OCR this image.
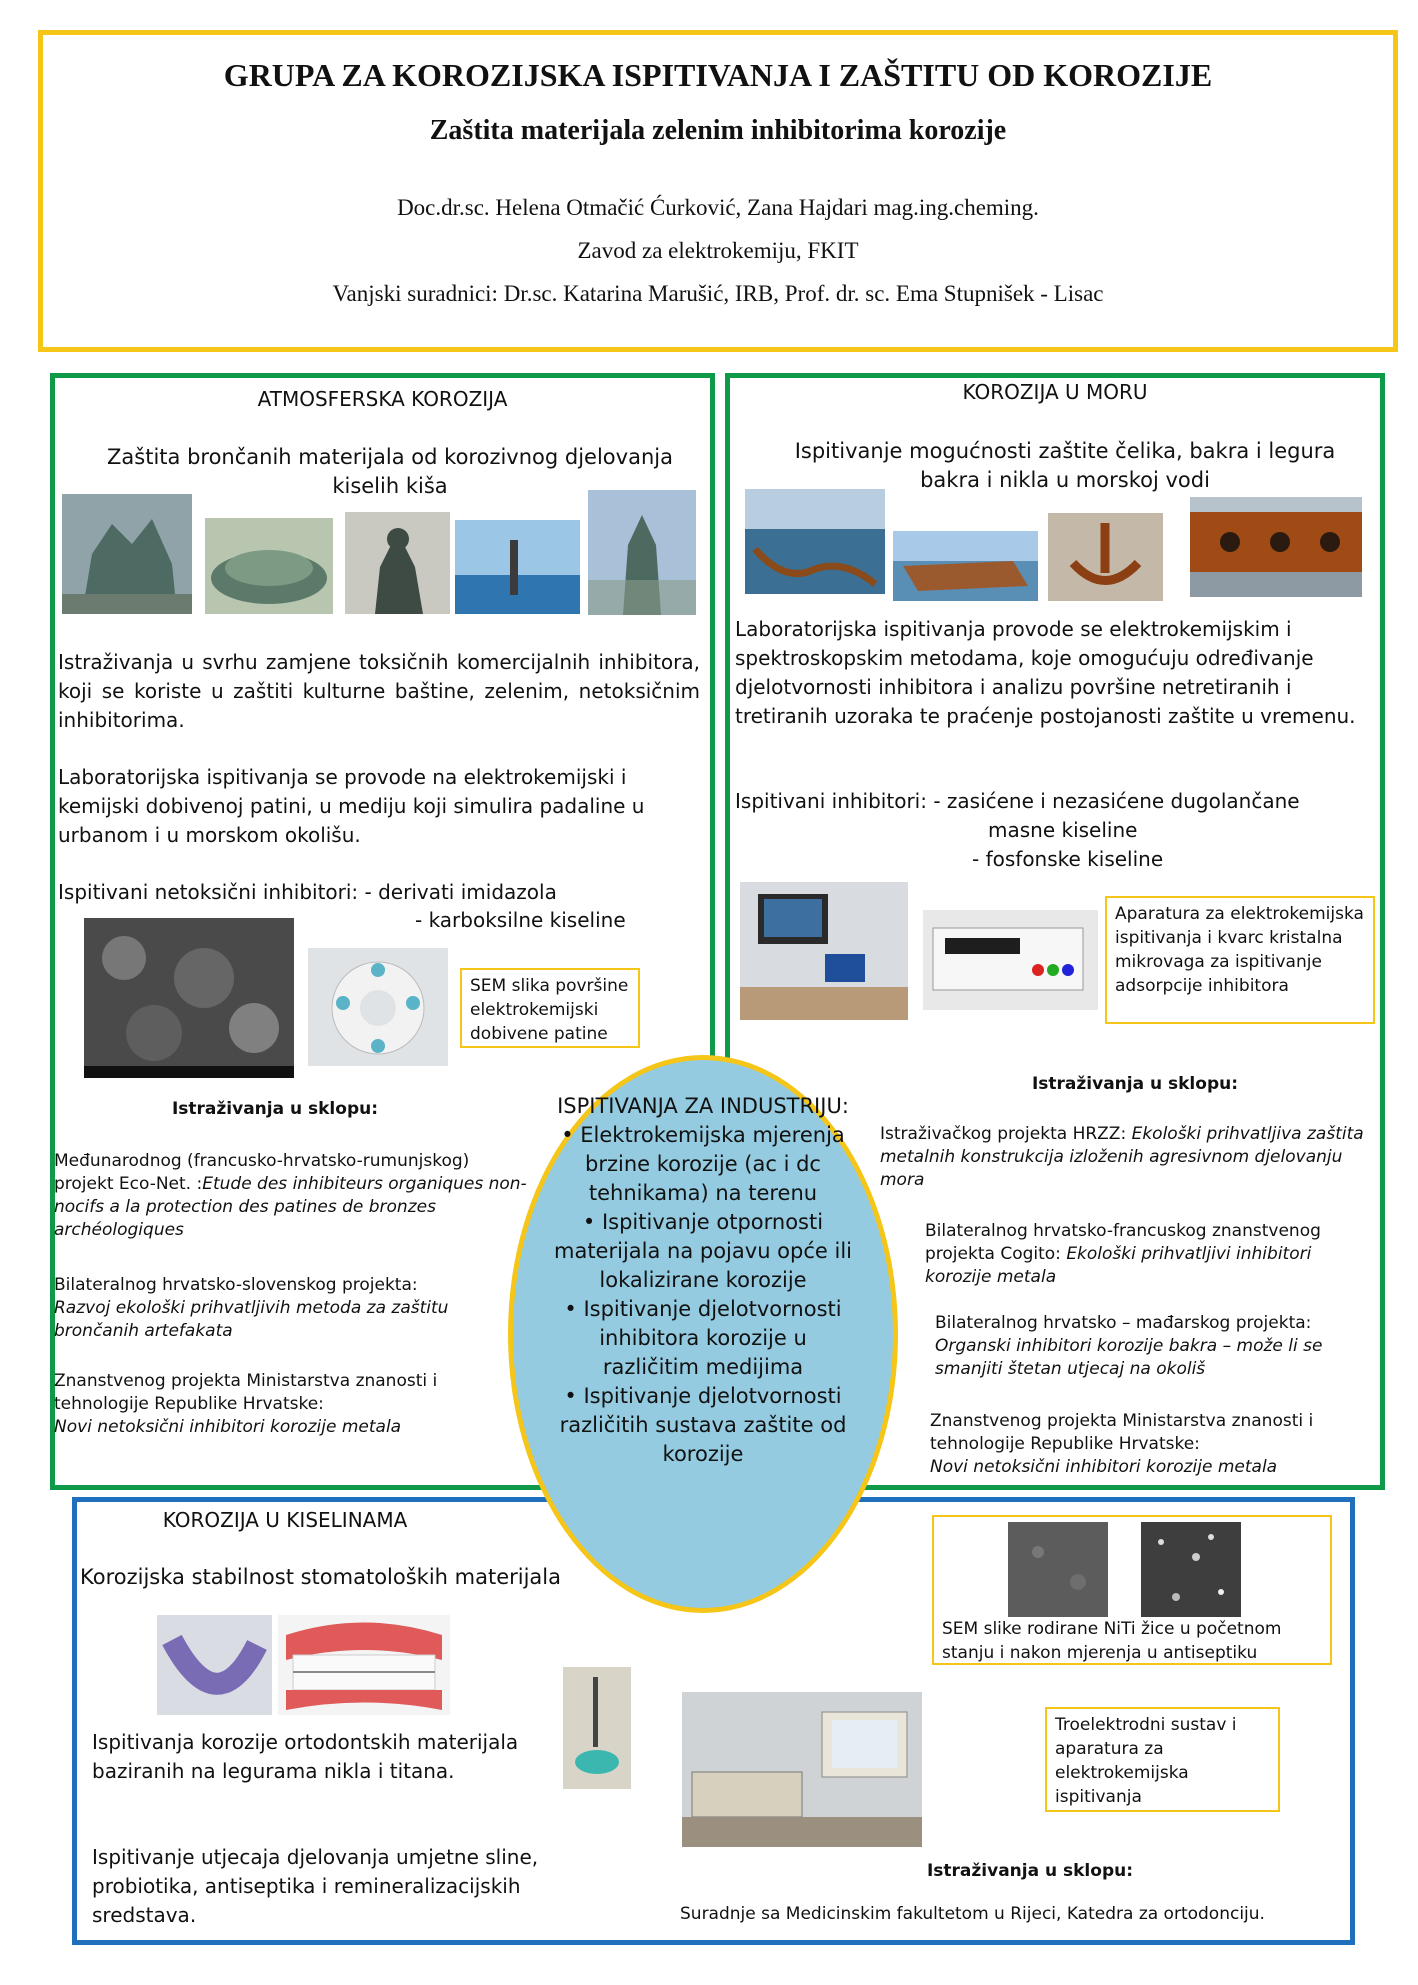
GRUPA ZA KOROZIJSKA ISPITIVANJA I ZAŠTITU OD KOROZIJE
Zaštita materijala zelenim inhibitorima korozije
Doc.dr.sc. Helena Otmačić Ćurković, Zana Hajdari mag.ing.cheming.
Zavod za elektrokemiju, FKIT
Vanjski suradnici: Dr.sc. Katarina Marušić, IRB, Prof. dr. sc. Ema Stupnišek - Lisac
ATMOSFERSKA KOROZIJA
Zaštita brončanih materijala od korozivnog djelovanja kiselih kiša
Istraživanja u svrhu zamjene toksičnih komercijalnih inhibitora, koji se koriste u zaštiti kulturne baštine, zelenim, netoksičnim inhibitorima.
Laboratorijska ispitivanja se provode na elektrokemijski i kemijski dobivenoj patini, u mediju koji simulira padaline u urbanom i u morskom okolišu.
Ispitivani netoksični inhibitori: - derivati imidazola
- karboksilne kiseline
SEM slika površine elektrokemijski dobivene patine
Istraživanja u sklopu:
Međunarodnog (francusko-hrvatsko-rumunjskog) projekt Eco-Net. :Etude des inhibiteurs organiques non-nocifs a la protection des patines de bronzes archéologiques
Bilateralnog hrvatsko-slovenskog projekta:
Razvoj ekološki prihvatljivih metoda za zaštitu brončanih artefakata
Znanstvenog projekta Ministarstva znanosti i tehnologije Republike Hrvatske:
Novi netoksični inhibitori korozije metala
KOROZIJA U MORU
Ispitivanje mogućnosti zaštite čelika, bakra i legura bakra i nikla u morskoj vodi
Laboratorijska ispitivanja provode se elektrokemijskim i spektroskopskim metodama, koje omogućuju određivanje djelotvornosti inhibitora i analizu površine netretiranih i tretiranih uzoraka te praćenje postojanosti zaštite u vremenu.
Ispitivani inhibitori: - zasićene i nezasićene dugolančane
masne kiseline
- fosfonske kiseline
Aparatura za elektrokemijska ispitivanja i kvarc kristalna mikrovaga za ispitivanje adsorpcije inhibitora
Istraživanja u sklopu:
Istraživačkog projekta HRZZ: Ekološki prihvatljiva zaštita metalnih konstrukcija izloženih agresivnom djelovanju mora
Bilateralnog hrvatsko-francuskog znanstvenog projekta Cogito: Ekološki prihvatljivi inhibitori korozije metala
Bilateralnog hrvatsko – mađarskog projekta:
Organski inhibitori korozije bakra – može li se smanjiti štetan utjecaj na okoliš
Znanstvenog projekta Ministarstva znanosti i tehnologije Republike Hrvatske:
Novi netoksični inhibitori korozije metala
KOROZIJA U KISELINAMA
Korozijska stabilnost stomatoloških materijala
Ispitivanja korozije ortodontskih materijala baziranih na legurama nikla i titana.
Ispitivanje utjecaja djelovanja umjetne sline, probiotika, antiseptika i remineralizacijskih sredstava.
SEM slike rodirane NiTi žice u početnom stanju i nakon mjerenja u antiseptiku
Troelektrodni sustav i aparatura za elektrokemijska ispitivanja
Istraživanja u sklopu:
Suradnje sa Medicinskim fakultetom u Rijeci, Katedra za ortodonciju.
ISPITIVANJA ZA INDUSTRIJU:
• Elektrokemijska mjerenja brzine korozije (ac i dc tehnikama) na terenu
• Ispitivanje otpornosti materijala na pojavu opće ili lokalizirane korozije
• Ispitivanje djelotvornosti inhibitora korozije u različitim medijima
• Ispitivanje djelotvornosti različitih sustava zaštite od korozije
